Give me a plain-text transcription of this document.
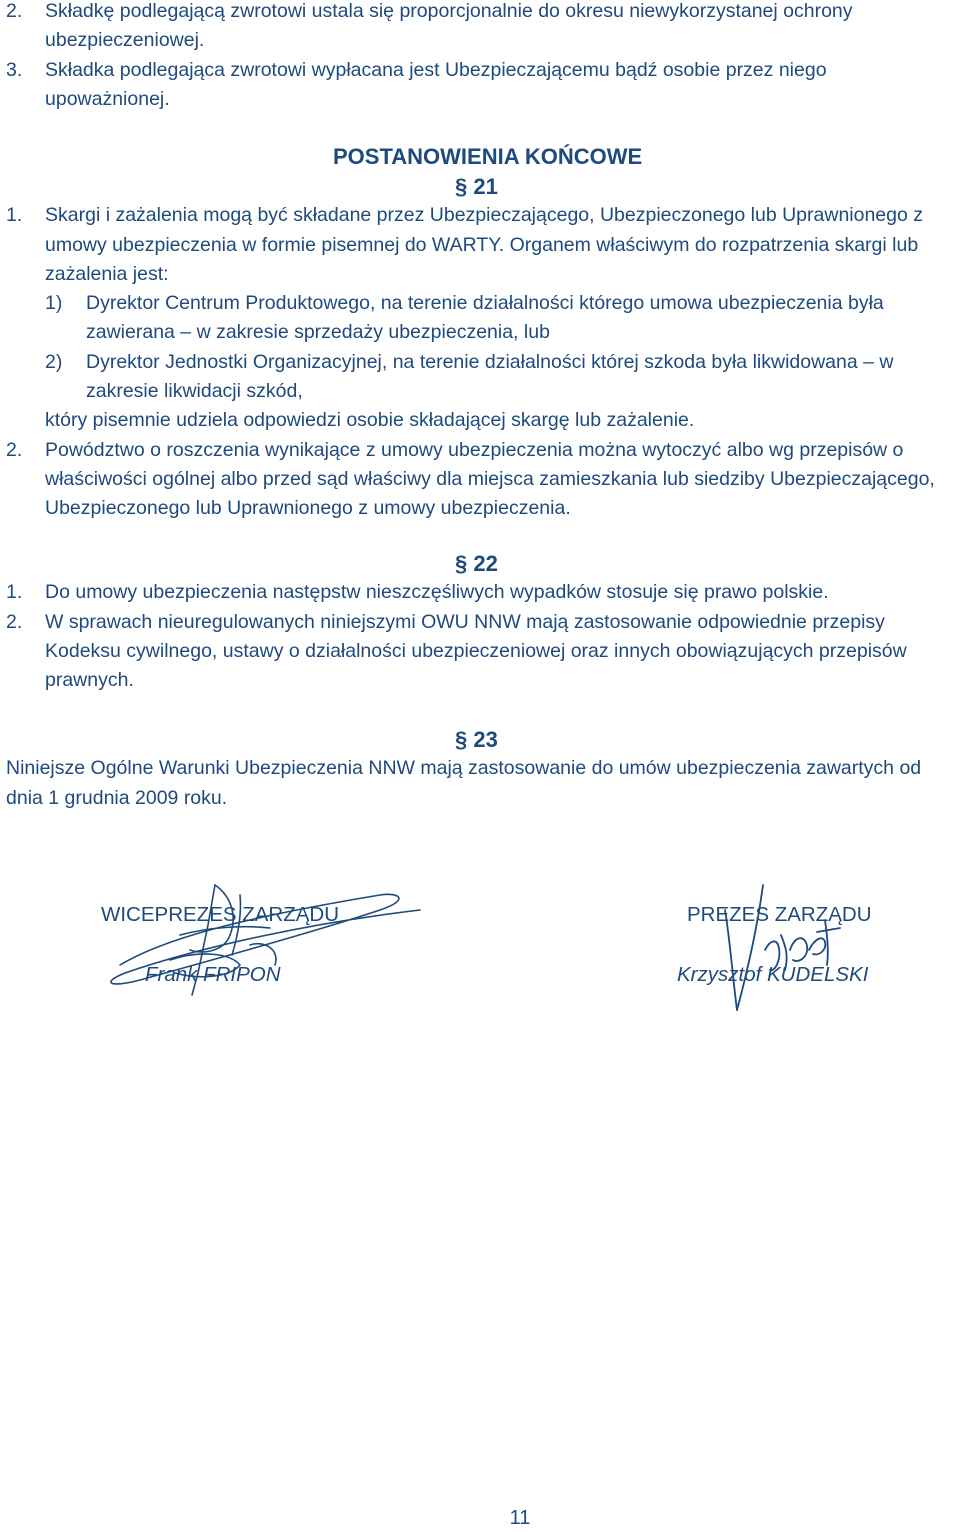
2. Składkę podlegającą zwrotowi ustala się proporcjonalnie do okresu niewykorzystanej ochrony ubezpieczeniowej.

3. Składka podlegająca zwrotowi wypłacana jest Ubezpieczającemu bądź osobie przez niego upoważnionej.

POSTANOWIENIA KOŃCOWE

§ 21

1. Skargi i zażalenia mogą być składane przez Ubezpieczającego, Ubezpieczonego lub Uprawnionego z umowy ubezpieczenia w formie pisemnej do WARTY. Organem właściwym do rozpatrzenia skargi lub zażalenia jest:
1) Dyrektor Centrum Produktowego, na terenie działalności którego umowa ubezpieczenia była zawierana – w zakresie sprzedaży ubezpieczenia, lub
2) Dyrektor Jednostki Organizacyjnej, na terenie działalności której szkoda była likwidowana – w zakresie likwidacji szkód,
który pisemnie udziela odpowiedzi osobie składającej skargę lub zażalenie.
2. Powództwo o roszczenia wynikające z umowy ubezpieczenia można wytoczyć albo wg przepisów o właściwości ogólnej albo przed sąd właściwy dla miejsca zamieszkania lub siedziby Ubezpieczającego, Ubezpieczonego lub Uprawnionego z umowy ubezpieczenia.

§ 22

1. Do umowy ubezpieczenia następstw nieszczęśliwych wypadków stosuje się prawo polskie.
2. W sprawach nieuregulowanych niniejszymi OWU NNW mają zastosowanie odpowiednie przepisy Kodeksu cywilnego, ustawy o działalności ubezpieczeniowej oraz innych obowiązujących przepisów prawnych.

§ 23

Niniejsze Ogólne Warunki Ubezpieczenia NNW mają zastosowanie do umów ubezpieczenia zawartych od dnia 1 grudnia 2009 roku.

WICEPREZES ZARZĄDU
Frank FRIPON
PREZES ZARZĄDU
Krzysztof KUDELSKI
11
